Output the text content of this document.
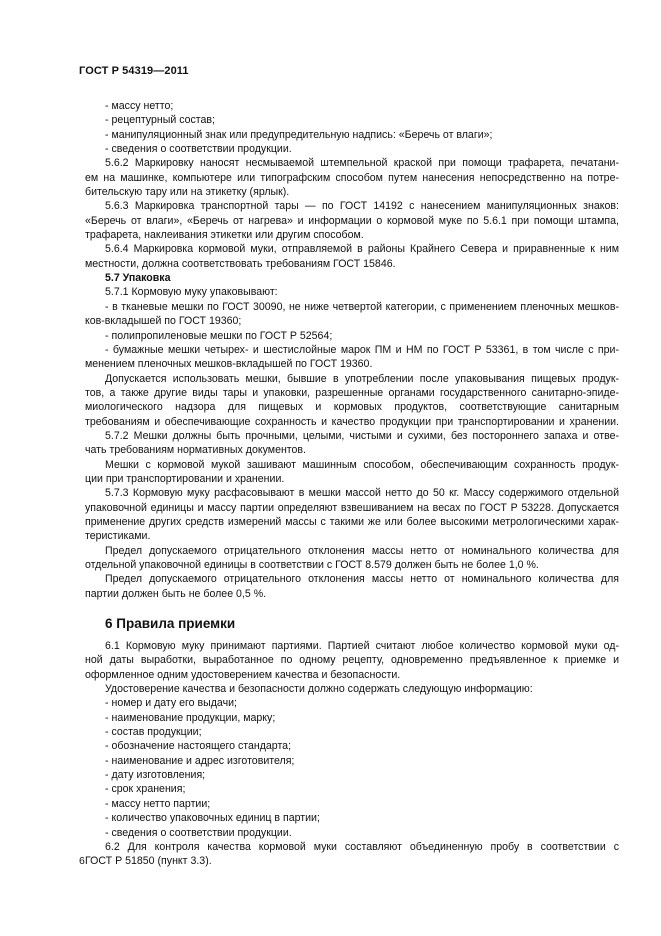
ГОСТ Р 54319—2011
- массу нетто;
- рецептурный состав;
- манипуляционный знак или предупредительную надпись: «Беречь от влаги»;
- сведения о соответствии продукции.
5.6.2 Маркировку наносят несмываемой штемпельной краской при помощи трафарета, печатани-
ем на машинке, компьютере или типографским способом путем нанесения непосредственно на потре-
бительскую тару или на этикетку (ярлык).
5.6.3 Маркировка транспортной тары — по ГОСТ 14192 с нанесением манипуляционных знаков:
«Беречь от влаги», «Беречь от нагрева» и информации о кормовой муке по 5.6.1 при помощи штампа,
трафарета, наклеивания этикетки или другим способом.
5.6.4 Маркировка кормовой муки, отправляемой в районы Крайнего Севера и приравненные к ним
местности, должна соответствовать требованиям ГОСТ 15846.
5.7 Упаковка
5.7.1 Кормовую муку упаковывают:
- в тканевые мешки по ГОСТ 30090, не ниже четвертой категории, с применением пленочных мешков-
ков-вкладышей по ГОСТ 19360;
- полипропиленовые мешки по ГОСТ Р 52564;
- бумажные мешки четырех- и шестислойные марок ПМ и НМ по ГОСТ Р 53361, в том числе с при-
менением пленочных мешков-вкладышей по ГОСТ 19360.
Допускается использовать мешки, бывшие в употреблении после упаковывания пищевых продук-
тов, а также другие виды тары и упаковки, разрешенные органами государственного санитарно-эпиде-
миологического надзора для пищевых и кормовых продуктов, соответствующие санитарным
требованиям и обеспечивающие сохранность и качество продукции при транспортировании и хранении.
5.7.2 Мешки должны быть прочными, целыми, чистыми и сухими, без постороннего запаха и отве-
чать требованиям нормативных документов.
Мешки с кормовой мукой зашивают машинным способом, обеспечивающим сохранность продук-
ции при транспортировании и хранении.
5.7.3 Кормовую муку расфасовывают в мешки массой нетто до 50 кг. Массу содержимого отдельной
упаковочной единицы и массу партии определяют взвешиванием на весах по ГОСТ Р 53228. Допускается
применение других средств измерений массы с такими же или более высокими метрологическими харак-
теристиками.
Предел допускаемого отрицательного отклонения массы нетто от номинального количества для
отдельной упаковочной единицы в соответствии с ГОСТ 8.579 должен быть не более 1,0 %.
Предел допускаемого отрицательного отклонения массы нетто от номинального количества для
партии должен быть не более 0,5 %.
6 Правила приемки
6.1 Кормовую муку принимают партиями. Партией считают любое количество кормовой муки од-
ной даты выработки, выработанное по одному рецепту, одновременно предъявленное к приемке и
оформленное одним удостоверением качества и безопасности.
Удостоверение качества и безопасности должно содержать следующую информацию:
- номер и дату его выдачи;
- наименование продукции, марку;
- состав продукции;
- обозначение настоящего стандарта;
- наименование и адрес изготовителя;
- дату изготовления;
- срок хранения;
- массу нетто партии;
- количество упаковочных единиц в партии;
- сведения о соответствии продукции.
6.2 Для контроля качества кормовой муки составляют объединенную пробу в соответствии с
ГОСТ Р 51850 (пункт 3.3).
6
